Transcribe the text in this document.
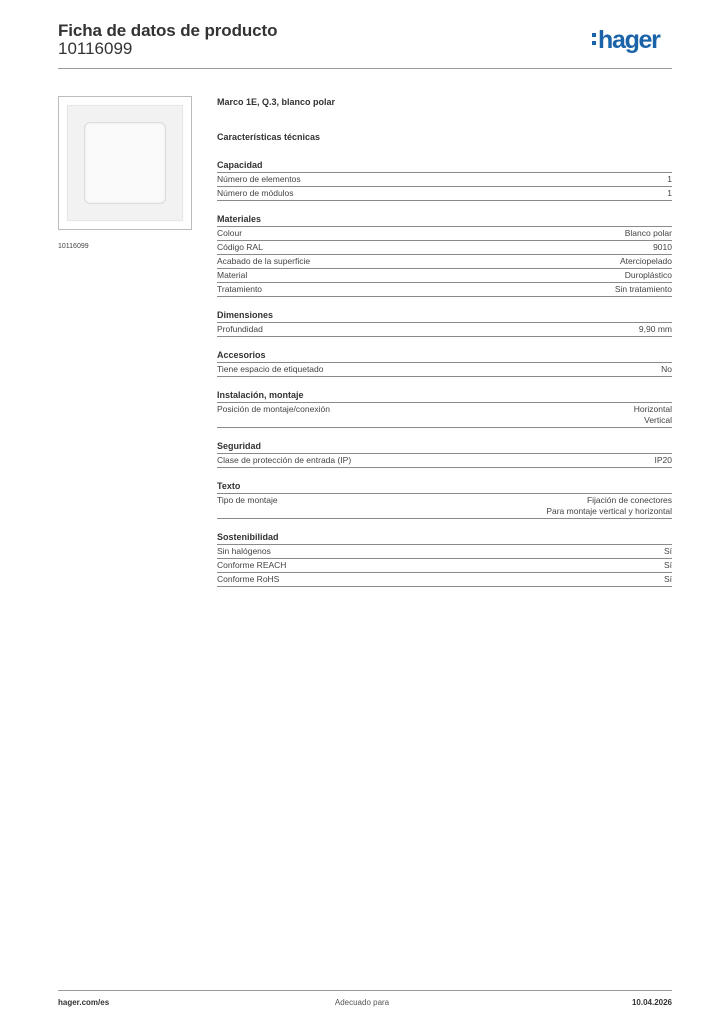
Ficha de datos de producto
10116099	hager
10116099
Marco 1E, Q.3, blanco polar
Características técnicas
Capacidad
Número de elementos	1
Número de módulos	1
Materiales
Colour	Blanco polar
Código RAL	9010
Acabado de la superficie	Aterciopelado
Material	Duroplástico
Tratamiento	Sin tratamiento
Dimensiones
Profundidad	9,90 mm
Accesorios
Tiene espacio de etiquetado	No
Instalación, montaje
Posición de montaje/conexión	Horizontal
Vertical
Seguridad
Clase de protección de entrada (IP)	IP20
Texto
Tipo de montaje	Fijación de conectores
Para montaje vertical y horizontal
Sostenibilidad
Sin halógenos	Sí
Conforme REACH	Sí
Conforme RoHS	Sí
hager.com/es	Adecuado para	10.04.2026
